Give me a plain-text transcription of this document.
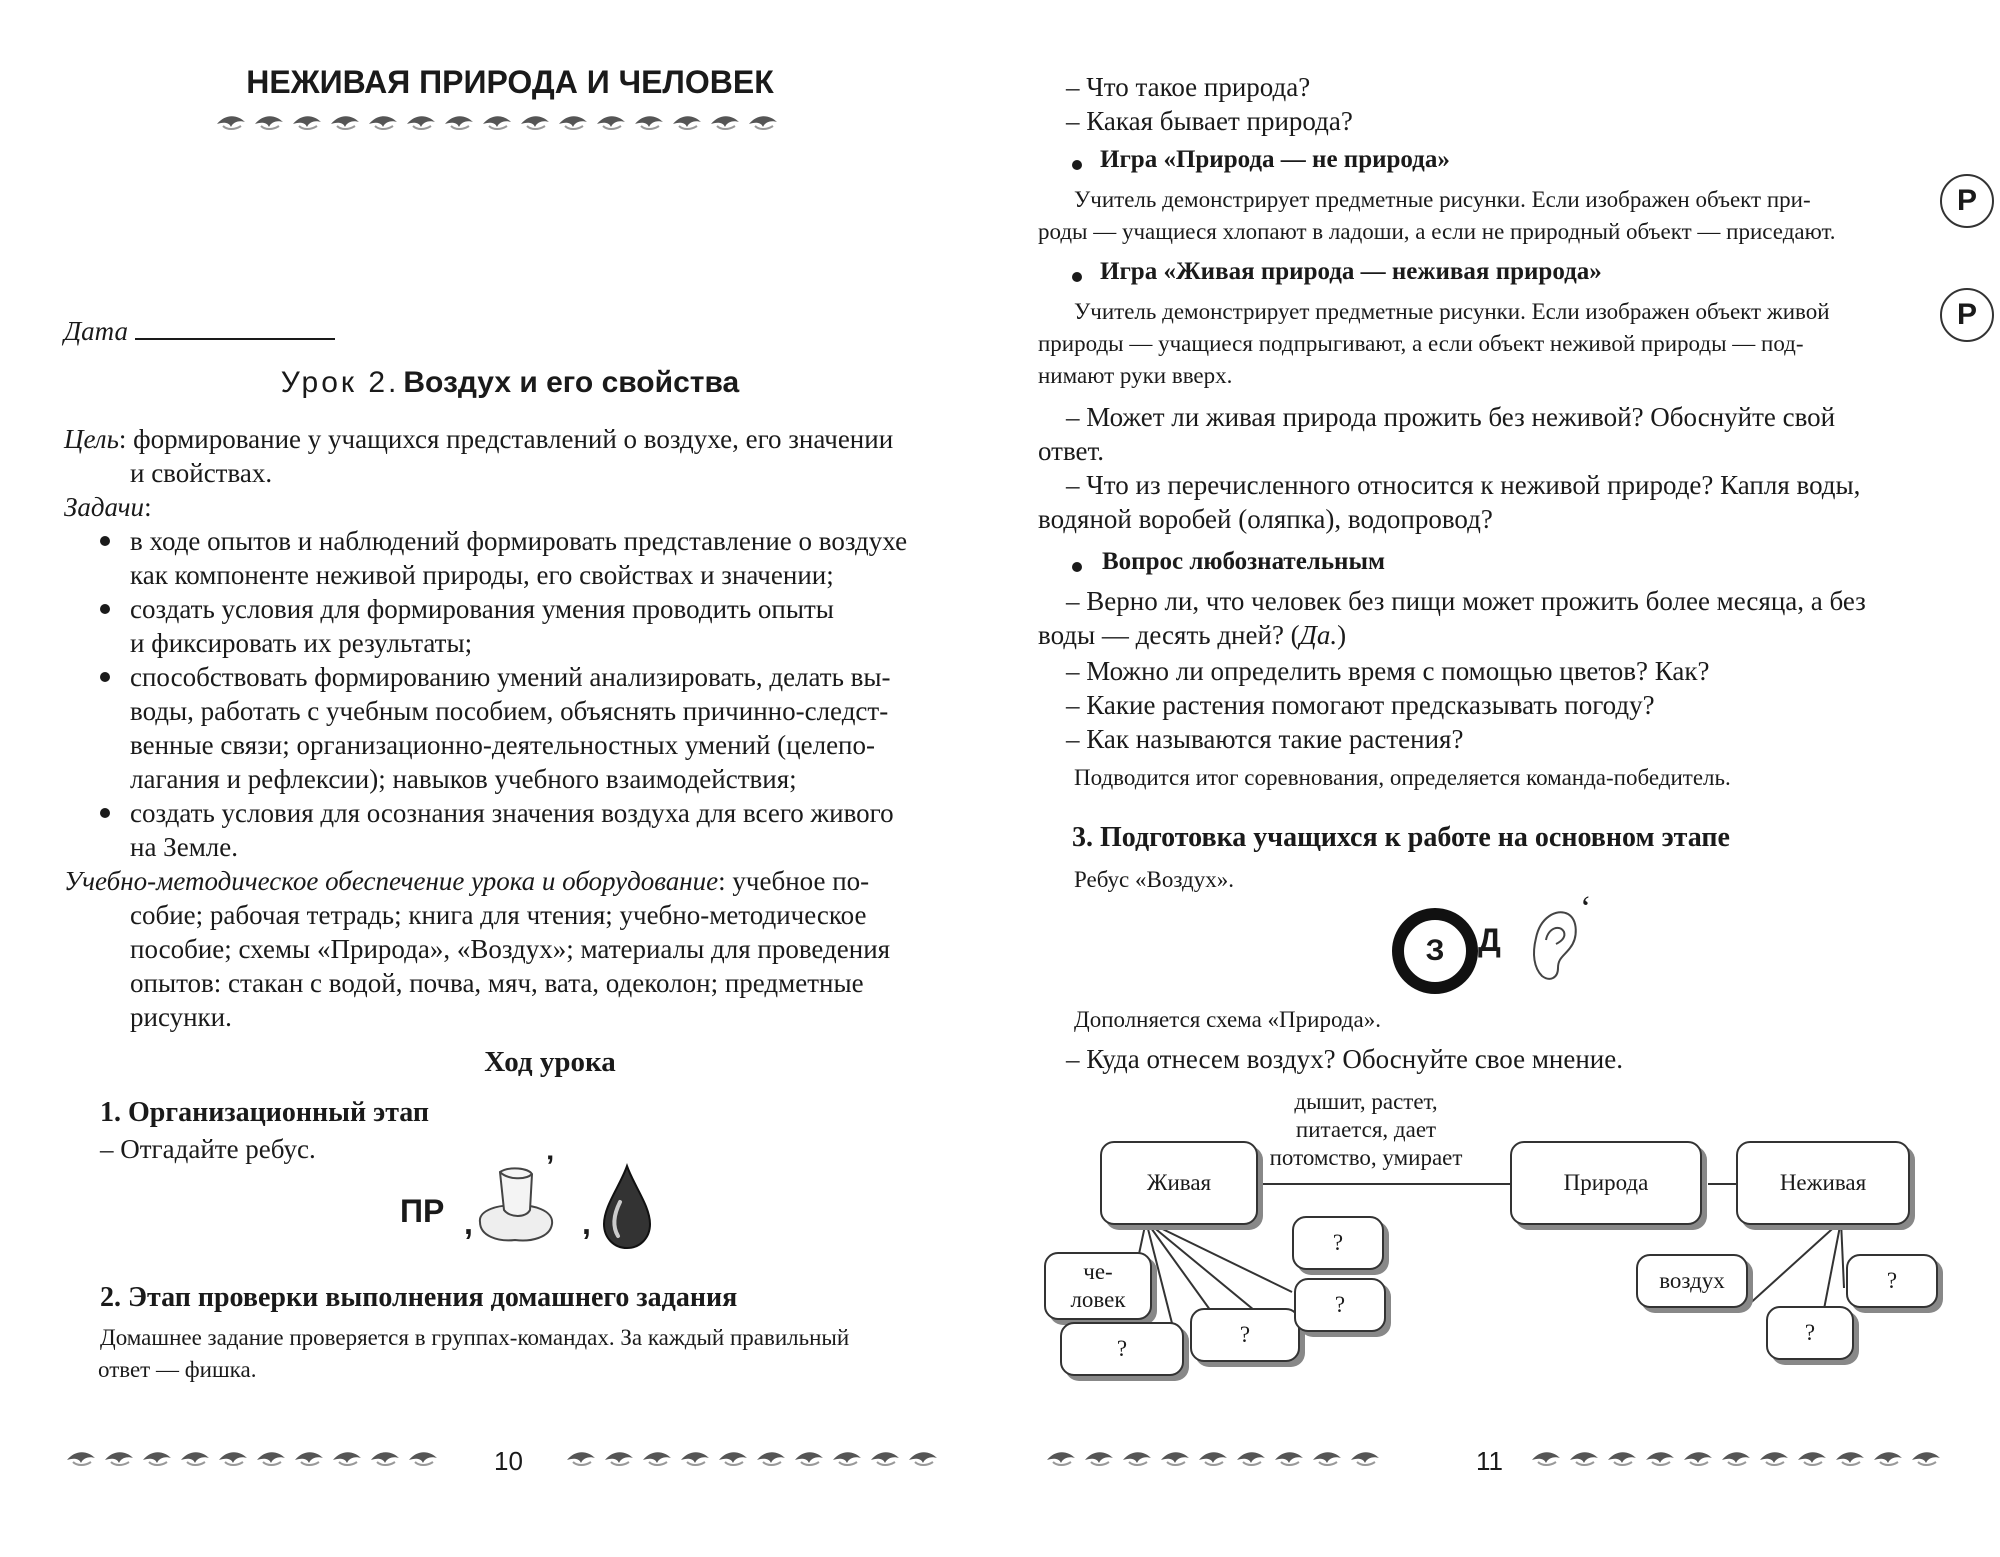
НЕЖИВАЯ ПРИРОДА И ЧЕЛОВЕК
Дата
Урок 2. Воздух и его свойства
Цель: формирование у учащихся представлений о воздухе, его значении
и свойствах.
Задачи:
в ходе опытов и наблюдений формировать представление о воздухе
как компоненте неживой природы, его свойствах и значении;
создать условия для формирования умения проводить опыты
и фиксировать их результаты;
способствовать формированию умений анализировать, делать вы-
воды, работать с учебным пособием, объяснять причинно-следст-
венные связи; организационно-деятельностных умений (целепо-
лагания и рефлексии); навыков учебного взаимодействия;
создать условия для осознания значения воздуха для всего живого
на Земле.
Учебно-методическое обеспечение урока и оборудование: учебное по-
собие; рабочая тетрадь; книга для чтения; учебно-методическое
пособие; схемы «Природа», «Воздух»; материалы для проведения
опытов: стакан с водой, почва, мяч, вата, одеколон; предметные
рисунки.
Ход урока
1. Организационный этап
– Отгадайте ребус.
ПР ,
’
,
2. Этап проверки выполнения домашнего задания
Домашнее задание проверяется в группах-командах. За каждый правильный
ответ — фишка.
10
– Что такое природа?
– Какая бывает природа?
Игра «Природа — не природа»
Учитель демонстрирует предметные рисунки. Если изображен объект при-
роды — учащиеся хлопают в ладоши, а если не природный объект — приседают.
Р
Игра «Живая природа — неживая природа»
Учитель демонстрирует предметные рисунки. Если изображен объект живой
природы — учащиеся подпрыгивают, а если объект неживой природы — под-
нимают руки вверх.
Р
– Может ли живая природа прожить без неживой? Обоснуйте свой
ответ.
– Что из перечисленного относится к неживой природе? Капля воды,
водяной воробей (оляпка), водопровод?
Вопрос любознательным
– Верно ли, что человек без пищи может прожить более месяца, а без
воды — десять дней? (Да.)
– Можно ли определить время с помощью цветов? Как?
– Какие растения помогают предсказывать погоду?
– Как называются такие растения?
Подводится итог соревнования, определяется команда-победитель.
3. Подготовка учащихся к работе на основном этапе
Ребус «Воздух».
З	Д
‘
Дополняется схема «Природа».
– Куда отнесем воздух? Обоснуйте свое мнение.
дышит, растет,
питается, дает
потомство, умирает
Живая	Природа	Неживая
че-
ловек
?
?
?
?
воздух	?
?
11
